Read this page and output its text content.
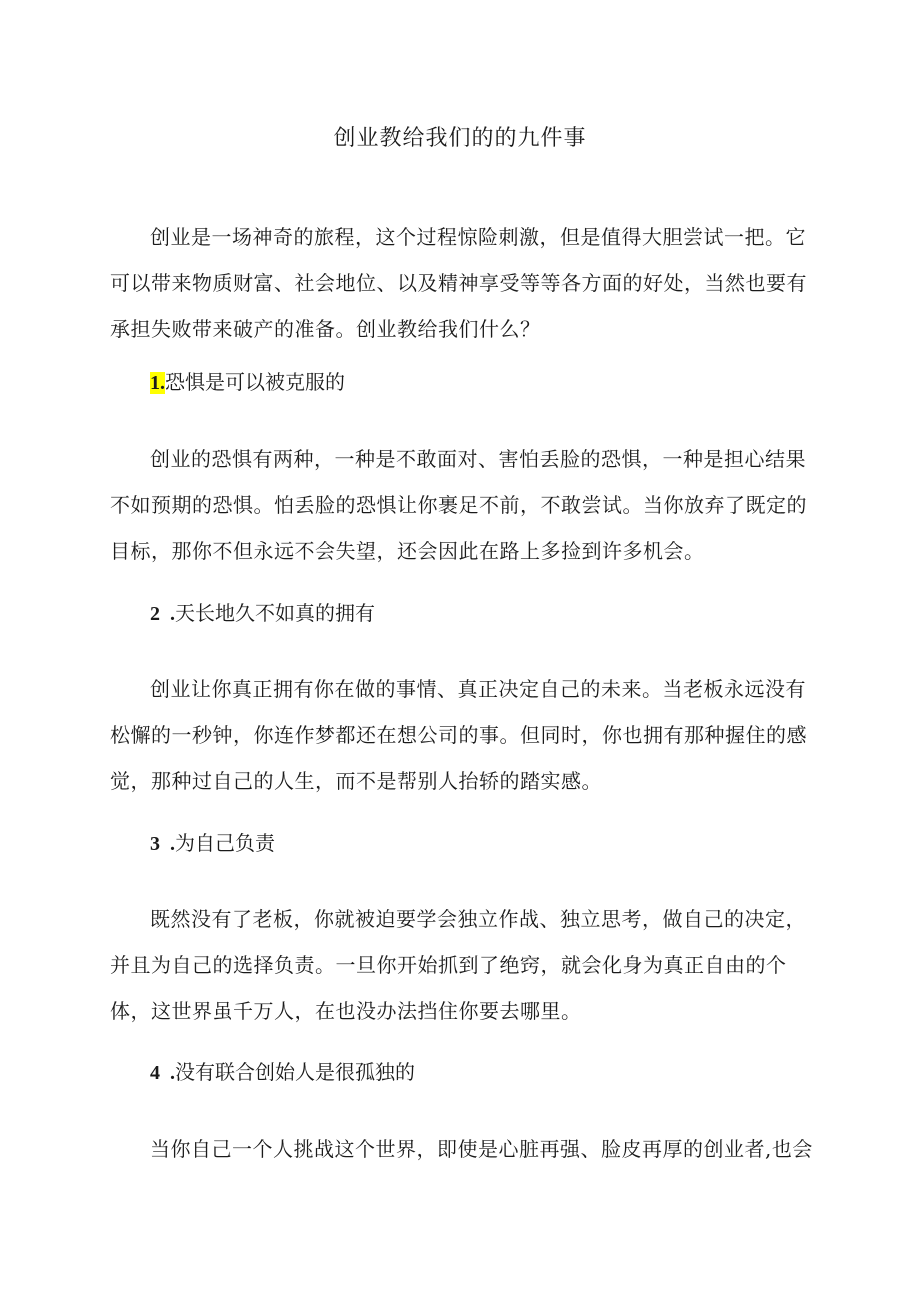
创业教给我们的的九件事

创业是一场神奇的旅程，这个过程惊险刺激，但是值得大胆尝试一把。它可以带来物质财富、社会地位、以及精神享受等等各方面的好处，当然也要有承担失败带来破产的准备。创业教给我们什么？

1.恐惧是可以被克服的

创业的恐惧有两种，一种是不敢面对、害怕丢脸的恐惧，一种是担心结果不如预期的恐惧。怕丢脸的恐惧让你裹足不前，不敢尝试。当你放弃了既定的目标，那你不但永远不会失望，还会因此在路上多捡到许多机会。

2  .天长地久不如真的拥有

创业让你真正拥有你在做的事情、真正决定自己的未来。当老板永远没有松懈的一秒钟，你连作梦都还在想公司的事。但同时，你也拥有那种握住的感觉，那种过自己的人生，而不是帮别人抬轿的踏实感。

3  .为自己负责

既然没有了老板，你就被迫要学会独立作战、独立思考，做自己的决定，并且为自己的选择负责。一旦你开始抓到了绝窍，就会化身为真正自由的个体，这世界虽千万人，在也没办法挡住你要去哪里。

4  .没有联合创始人是很孤独的

当你自己一个人挑战这个世界，即使是心脏再强、脸皮再厚的创业者,也会
